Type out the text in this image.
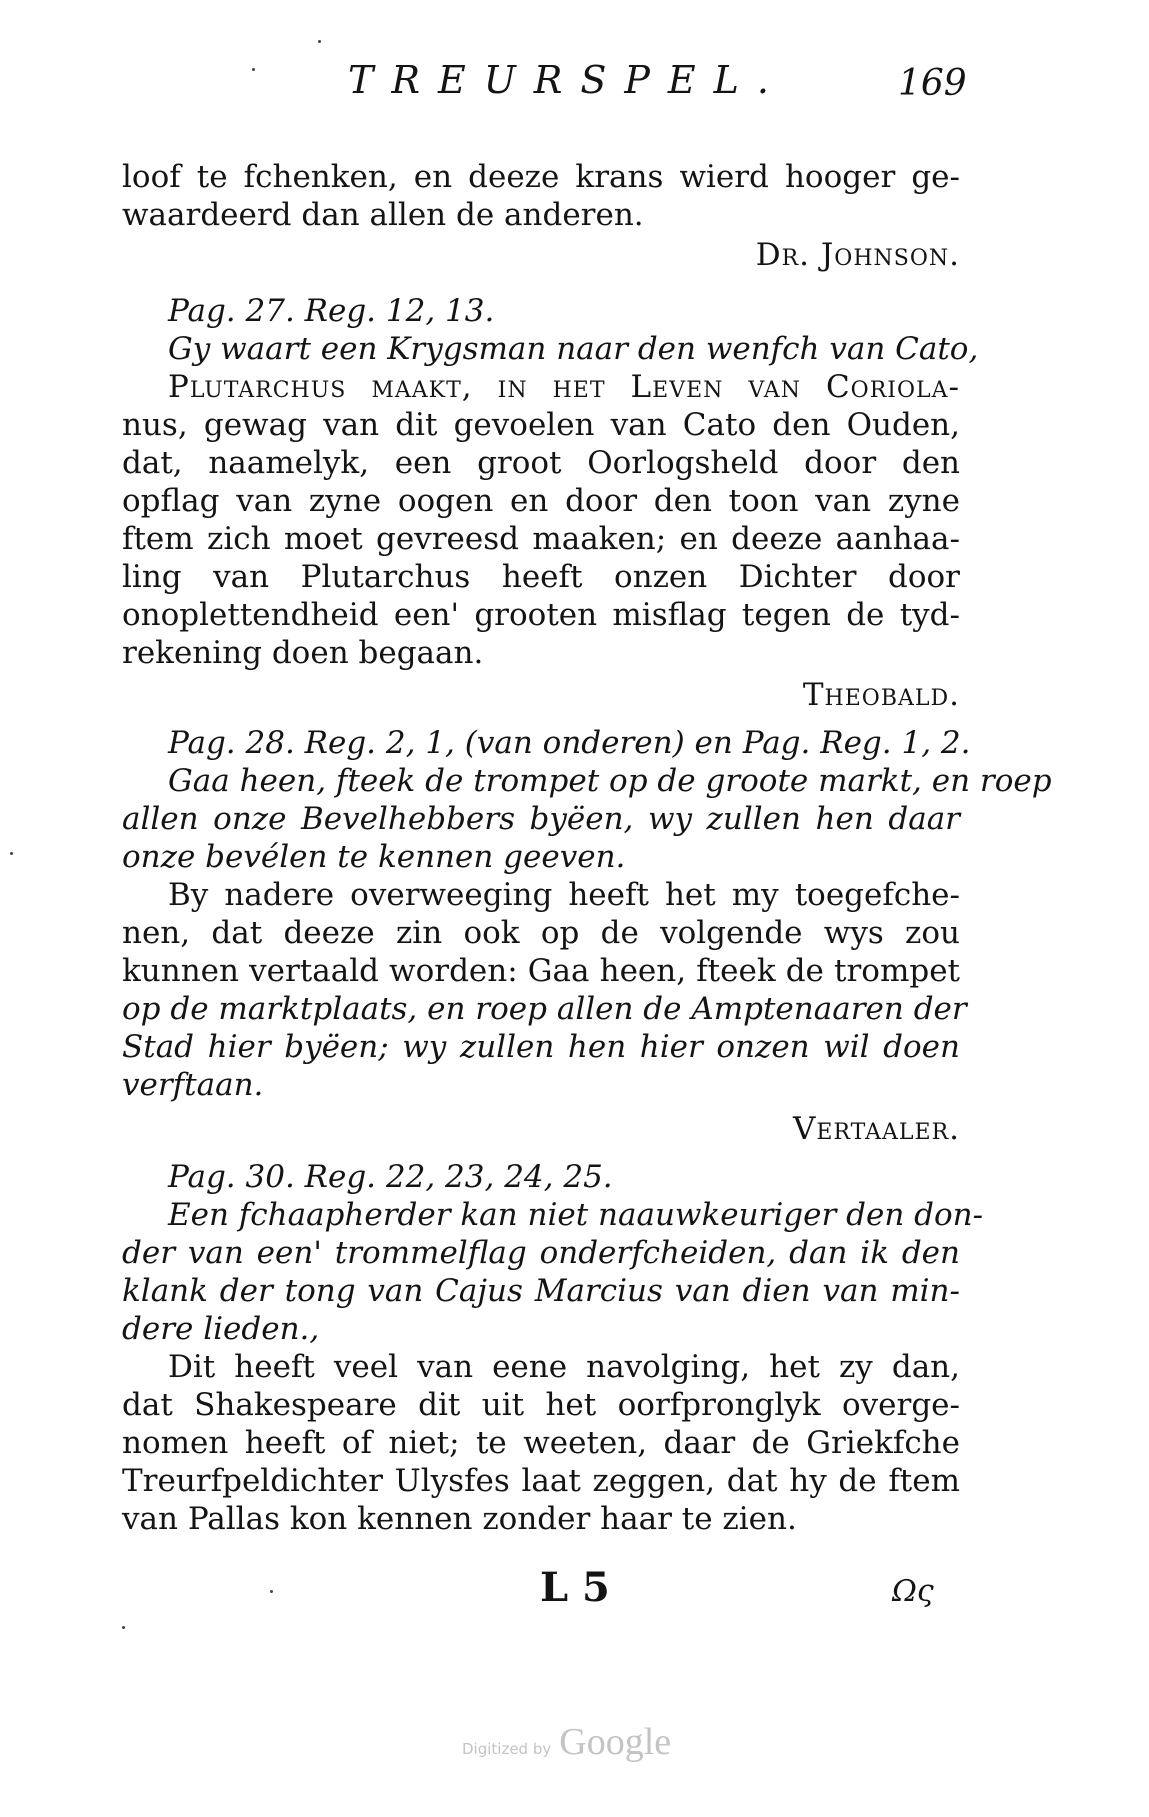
TREURSPEL.	169
loof te fchenken, en deeze krans wierd hooger ge-
waardeerd dan allen de anderen.
Dr. Johnson.
Pag. 27. Reg. 12, 13.
Gy waart een Krygsman naar den wenfch van Cato,
Plutarchus maakt, in het Leven van Coriola-
nus, gewag van dit gevoelen van Cato den Ouden,
dat, naamelyk, een groot Oorlogsheld door den
opflag van zyne oogen en door den toon van zyne
ftem zich moet gevreesd maaken; en deeze aanhaa-
ling van Plutarchus heeft onzen Dichter door
onoplettendheid een' grooten misflag tegen de tyd-
rekening doen begaan.
Theobald.
Pag. 28. Reg. 2, 1, (van onderen) en Pag. Reg. 1, 2.
Gaa heen, fteek de trompet op de groote markt, en roep
allen onze Bevelhebbers byëen, wy zullen hen daar
onze bevélen te kennen geeven.
By nadere overweeging heeft het my toegefche-
nen, dat deeze zin ook op de volgende wys zou
kunnen vertaald worden: Gaa heen, fteek de trompet
op de marktplaats, en roep allen de Amptenaaren der
Stad hier byëen; wy zullen hen hier onzen wil doen
verftaan.
Vertaaler.
Pag. 30. Reg. 22, 23, 24, 25.
Een fchaapherder kan niet naauwkeuriger den don-
der van een' trommelflag onderfcheiden, dan ik den
klank der tong van Cajus Marcius van dien van min-
dere lieden.,
Dit heeft veel van eene navolging, het zy dan,
dat Shakespeare dit uit het oorfpronglyk overge-
nomen heeft of niet; te weeten, daar de Griekfche
Treurfpeldichter Ulysfes laat zeggen, dat hy de ftem
van Pallas kon kennen zonder haar te zien.
L 5	Ως
Digitized by Google
